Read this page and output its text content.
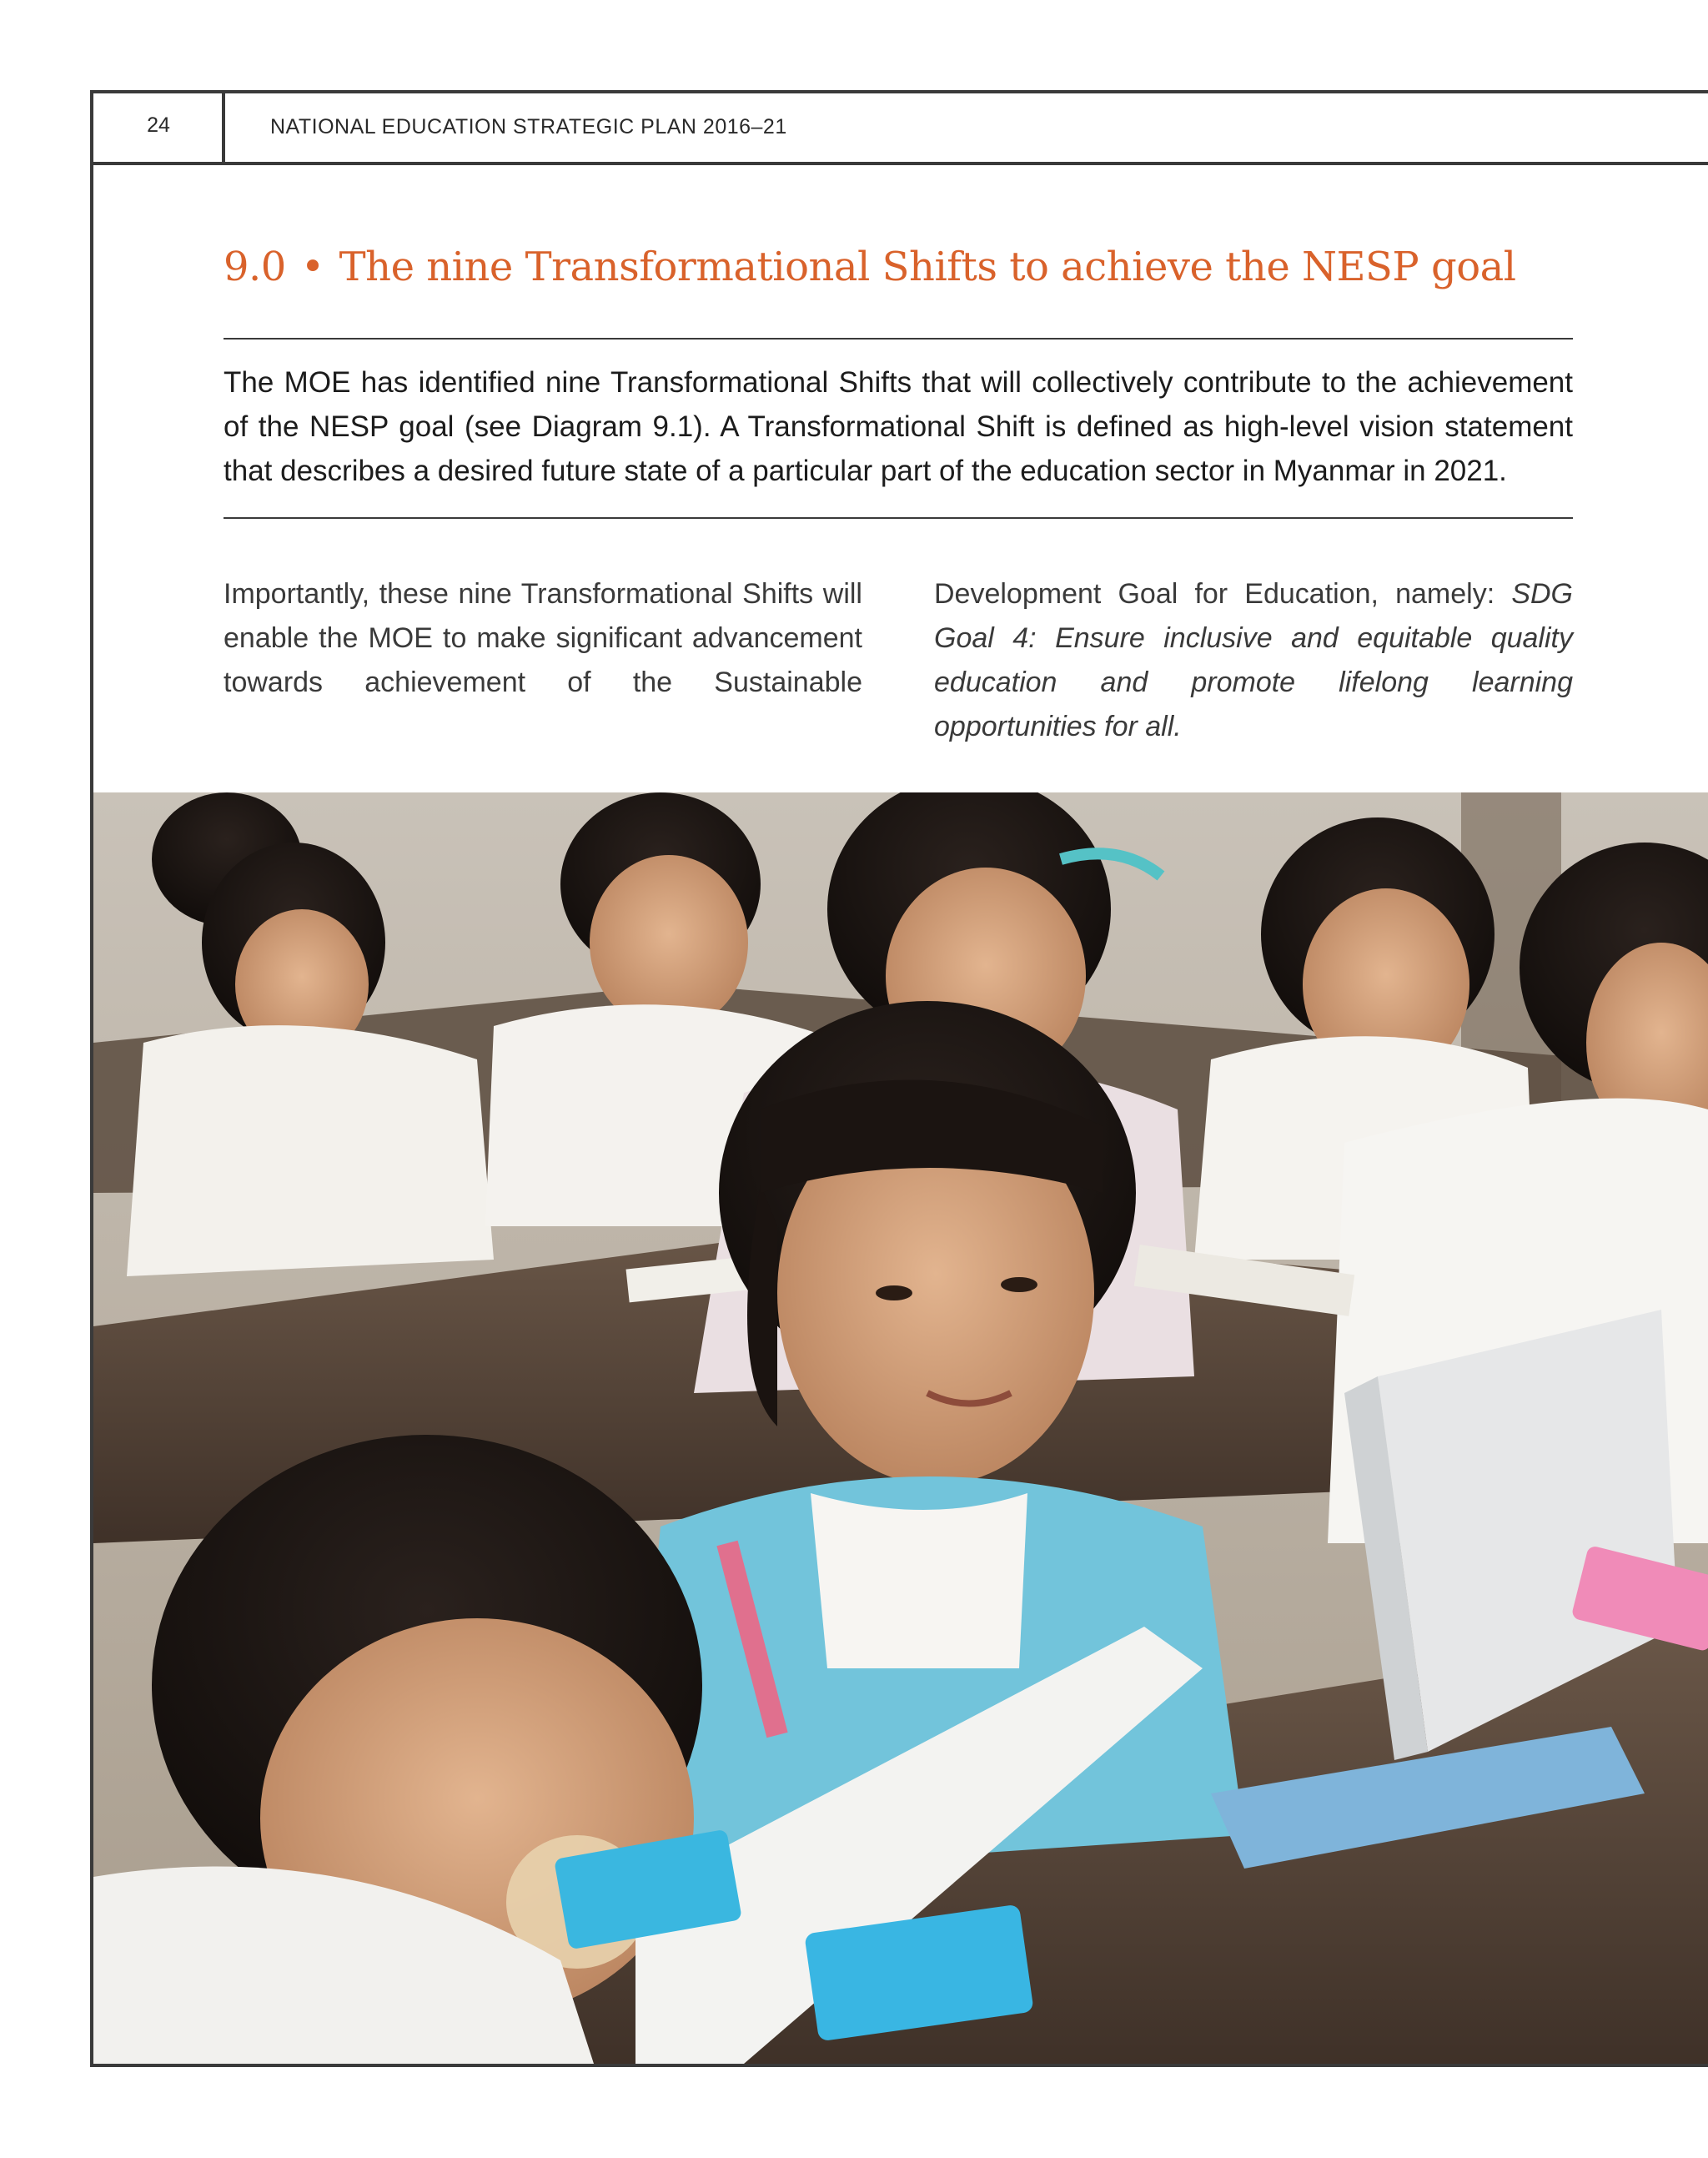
24	NATIONAL EDUCATION STRATEGIC PLAN 2016–21
9.0 • The nine Transformational Shifts to achieve the NESP goal
The MOE has identified nine Transformational Shifts that will collectively contribute to the achievement of the NESP goal (see Diagram 9.1). A Transformational Shift is defined as high-level vision statement that describes a desired future state of a particular part of the education sector in Myanmar in 2021.
Importantly, these nine Transformational Shifts will enable the MOE to make significant advancement towards achievement of the Sustainable
Development Goal for Education, namely: SDG Goal 4: Ensure inclusive and equitable quality education and promote lifelong learning opportunities for all.
